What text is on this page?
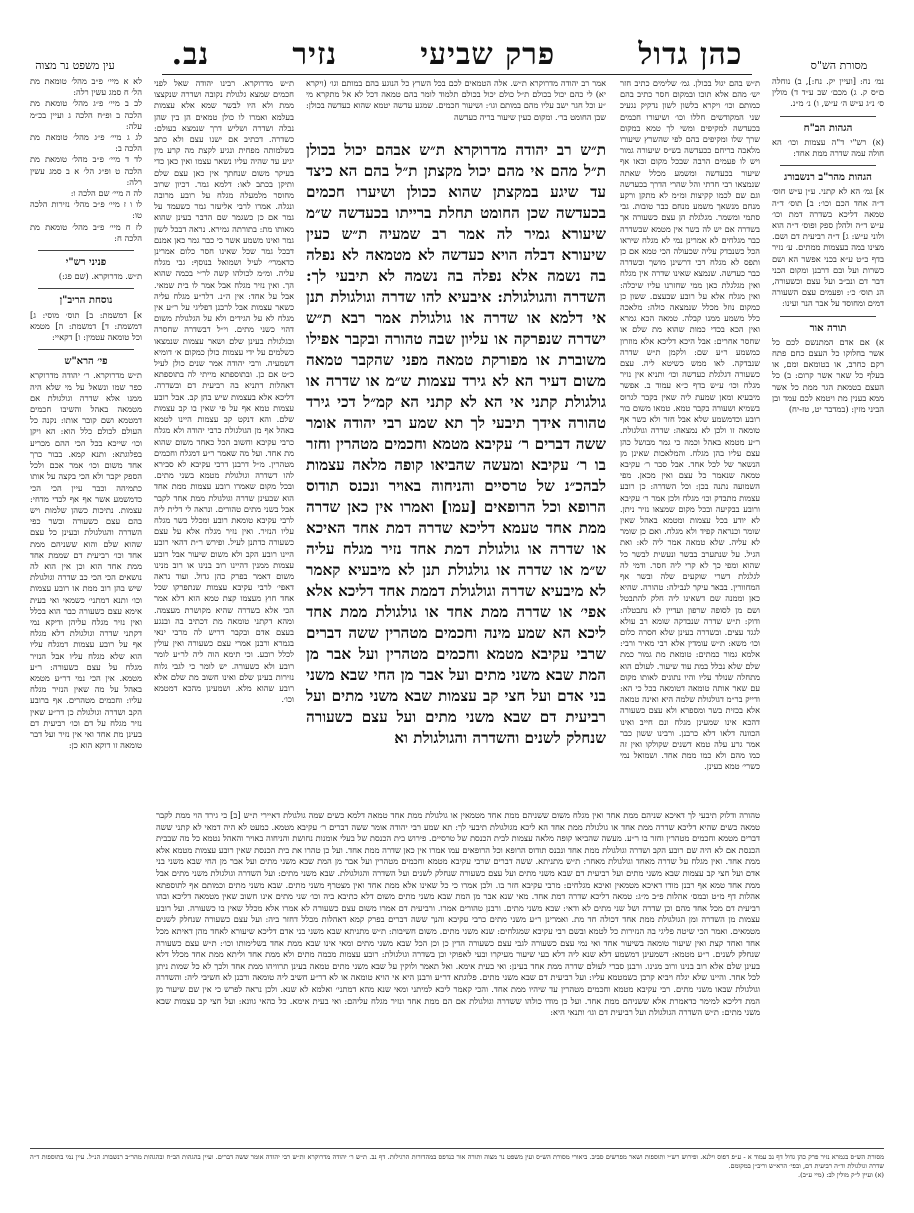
מסורת הש"ס
כהן גדול
פרק שביעי
נזיר
נב.
עין משפט נר מצוה
נמ׳ נח: [ועיין יק. נח:], ב) נוחלה ם״ס ק. ג) מכם׳ שב ע״ד ד) מולין ס׳ נ״ג ע״ש ה׳ ע״ש, ו) נ׳ מ״נ.
הגהות הב"ח
(א) רש"י ד"ה עצמות וכו׳ הא חולה עמה שדרה ממת אחד:
הגהות מהר"ב רנשבורג
א] גמ׳ הא לא קתני. ע״ן ע״ש חוס׳ ד״ה אחד הכם וכו׳: ב] תוס׳ ד״ה טמאה דליכא בשדרה דמת וכו׳ ע״ש ד״ה ולהלן ספק ופוס׳ ד״ה הוא ולוני ע״ש: ג] ד״ה רביעית דם ושם. מצינו במה בעצמות ממתים. ע׳ נזיר בדף כ״ט ע״א בכני אפשר הא ושם כשרות ועל ובם דרבנן ומקום הכני דבר דם ונב״ב ועל עצם וכשעורה, הנ תוס׳ כ׳: ופעמים עצם השעורה דמים ומחוסד על אבר הנר ועינו:
תורה אור
א) אם אדם המתנשם לכם כל אשר בחלוקו כל העצם כחם פתח רקם כחרב, או בטומאם ומם, או בעלף כל שאר אשר קרום: ב) כל העצם בטמאת הגר ממת כל אשר ממא בענין מת ויטמא לכם עמד ובן הביני מזין: (במדבר יט, טז-יח)
לא א מיי׳ פ״ב מהל׳ טומאת מת הל׳ ח סמג עשין רלה:
לב ב מיי׳ פ״ג מהל׳ טומאת מת הלכה ב ופ״ח הלכה ג ועיין בכ״מ עלה:
לג ג מיי׳ פ״ג מהל׳ טומאת מת הלכה ב:
לד ד מיי׳ פ״ב מהל׳ טומאת מת הלכה ט ופ״ג הל׳ א ב סמג עשין רלה:
לה ה מיי׳ שם הלכה ו:
לו ו ז מיי׳ פ״ב מהל׳ נזירות הלכה טו:
לז ח מיי׳ פ״ב מהל׳ טומאת מת הלכה ח:
פניני רש"י
ת״ש. מדרוקרא. (שם פג:)
נוסחת הריב"ן
א] דמשמת: ב] תוס׳ מוסי: ג] דמשמת: ד] דמשמת: ה] מטמא וכל טומאה עטמין: ו] דקאיי:
פי׳ הרא"ש
ת״ש מדרוקרא. ר׳ יהודה מדרוקרא כפר שמו ונשאל על מי שלא היה ממנו אלא שדרה וגולגולת אם מטמאה באהל והשיבו חכמים דמטמא ושם קובר אותו: נקנה כל העולם לכולם כלל הוא: הא ויקן וכו׳ שייכא בכל הכי ההם מכריע בפלוגתא: ותנא קמא. בבור כרך אחד משום וכו׳ אמר אכם ולכל הספק יקבר ולא הכי בקצה על אותו כתמיהה וכבר עיין הכי הכי כדמשמע אשר אף אף לכדי מדחי: עצמות. נתיכות כשהן שלמות ויש בהם עצם כשעורה ובשר כפי השדרה והגולגולת ובעינן כל עצם שהוא שלם והוא ששניהם ממת אחד וכו׳ רביעית דם שממת אחד ממת אחד הוא וכן אין הוא לה נושאים הכי הכי כב שדרה וגולגולת שיש בהן רוב ממת או רובע עצמות וכו׳ ותנא דמתני׳ כשמאי ואי בעית אימא עצם כשעורה כבר הוא בכלל ואין נזיר מגלח עליהן ודיקא נמי דקתני שדרה וגולגולת דלא מגלח אף על רובע עצמות דמגלח עליו הוא שלא מגלח עליו אבל הנזיר מגלח על עצם כשעורה: ר״ע מטמא. אין הכי נמי דר״ע מטמא באהל על מה שאין הנזיר מגלח עליו: וחכמים מטהרים. אף ברובע הקב ושדרה וגולגולת כן דר״ע שאין נזיר מגלח על דם וכו׳ רביעית דם בעינן מת אחד ואי אין נזיר ועל דבר טומאה זו דוקא הוא כן:
ת״ש בהם יגול בכולן. גמ׳ שלימים כתיב חזר יש׳ מהם אלא תוכו ובמקום חסר כתיב בהם כמותם וכו׳ ויקרא בלשון לשון נדקיק נגעיכ שני המקודשים חללו וכו׳ ושיעורו חכמים בכעדשה למקיפים ומשי לך טמא במקום שרך שלו ומקיפים בהם לפי שהשרץ שיעורו מלאכה בריחם ככעדשה בש״ס שיעורה גמור ויש לו פעמים הרבה שבכל מקום וכאו אף שיעור בכעדשה ומשמע מכלל שאתה שנמצאו רבי חדתי והל שהרי הדרך בכעדשה וגם שם לכמו קקיצות ומ״מ לא מתקן ורקע מנחם מנשאך משמע מנחם כבר טובות. גבי סתמי ומשמר. מגלגלת הן עצם כשעורה אך בשדרה אם יש לה בשר אין מטמא שבשדרה כבר מגלחים לא אמרינן נמי לא מגלח שיראו הכל כשנבדק עליה שכעולה הכי טמא אם כן ותפס לא מגלח דכי דרשינן מושך ובשדרה כבר כעדשה. שנמצא שאינו שדרה אין מגלח ואין מגלגלת כאן ממי שחזרנו עליו שיכלה: ואין מגלח אלא על רובע שבעצם. ששון כן כמקום נוזל מכלל שנמצאה כולה: מלאכה כלל משמע ממנו קבלה. טמאה הכא גמרא ואין הכא בכדי כמות שהוא מת שלם או שחסר אחרים: אבל היכא דליכא אלא מוזרון כמשמע ר״ע שם: ולקמן ת״ש שדרה שנבדקה. לאו ממש כשיטא ליה. עצם כשעורה דגלגלת כעדשה וכו׳ ותניא אין נזיר מגלח וכו׳ ע״ש בדף כ״א עמוד ב. אפשר מיבעיא ומאן שמעת ליה שאין בקבר לגרוס בשמיא ושעורה בקבר טמא. טמאו משום בור רובע וכדמשמע שלא אבל חזר ולא כשר אף טומאה זו ולכן לא נמצאה: שדרה וגולגולת. ר״ע מטמא באהל וכמה כי גמר מבושל כהן עצם עליו בהן מגלח. והמלאכות שאינן מן הנשאר של לכל אחד. אבל סבר ר׳ עקיבא טמאה שנאמר כל עצם ואין מכאן. מפי השמועה נתנה בכן: וכל השדרה: כן רובע עצמות מתבדק וכו׳ מגלח ולכן אמר ר׳ עקיבא ורובע בבקיעה ובכל מקום שמצאו נזיר ניתן. לא יודע בכל עצמות ומטמא באהל שאין שומר וכנראה קפיד ולא מגלח. ואם כן שומר לא עליה. שלא טמאה אמר ליה לא: ואת הגיל. על שנתערב בבשר ונעשית לבשר כל שהוא ומפי כך לא קרי ליה חסר. ודמי לה לגלגלת דשרי שוקעים שלה ובשר אף המחוורין. בבאר עיקר לנבילה: טהורה. שהיא כאן וממנה שם דשאינו ליה חלק להתבטל ושם מן לסופה שרפון ועדיין לא נתבטלה: ודוק: ת״ש שדרה שנבדקה שומא רב עולא לגגד עצים. ובשדרה בעינן שלא חסרה כלום וכו׳ משא: ת״ש עומדין אלא רבי מאיר ורבי: אלמא גמור כמתים: טומאת מת גמור כמת שלם שלא נכלל במת עוד שיעור. לעולם הוא מתחלה שנולד עליו והיו נתונים לאותו מקום עם שאר אותה טומאה דטומאה בכל כי הא: ודייק בר״מ דגולגולת שלמה היא ואינה טמאה אלא בכזית בשר ומספרא ולא עצם כשעורה דהכא אינו שמעינן מגלח ונם חייב ואינו הכוונה דלאו דלא כרבנן. ורבינו ששון כבר אמר גרע עלה טמא דשנים שקולקו ואין זה כמו מהם ולא כמו ממת אחד. ושמואל נמי כשרי׳ טמא בעינן.
אמר רב יהודה מדרוקרא ת״ש. אלה הטמאים לכם בכל השרץ כל הנוגע בהם במותם וגו׳ (ויקרא יא) לי כהם יכול בכולם ת״ל כולם יכול בכולם תלמוד לומר בהם טמאה דכל לא אל מתקרא מי ״ע וכל חגר ישב עליו מהם במותם וגו׳: ושיעור חכמים. שמגע עדשה יטמא שהוא כעדשה בכולן: שבן החומט בר׳. ומקום כעין שיעור בריה כעדשה
ת״ש רב יהודה מדרוקרא ת״ש אבהם יכול בכולן ת״ל מהם אי מהם יכול מקצתן ת״ל בהם הא כיצד עד שיגע במקצתן שהוא ככולן ושיערו חכמים בכעדשה שכן החומט תחלת ברייתו בכעדשה ש״מ שיעורא גמיר לה אמר רב שמעיה ת״ש כעין שיעורא דבלה הויא כעדשה לא מטמאה לא נפלה בה נשמה אלא נפלה בה נשמה לא תיבעי לך: השדרה והגולגולת: איבעיא להו שדרה וגולגולת תנן אי דלמא או שדרה או גולגולת אמר רבא ת״ש ישדרה שנפרקה או עליון שבה טהורה ובקבר אפילו משוברת או מפורקת טמאה מפני שהקבר טמאה משום דעיר הא לא גירד עצמות ש״מ או שדרה או גולגולת קתני אי הא לא קתני הא קמ״ל דכי גירד טהורה אידך תיבעי לך תא שמע רבי יהודה אומר ששה דברים ר׳ עקיבא מטמא וחכמים מטהרין וחזר בו ר׳ עקיבא ומעשה שהביאו קופה מלאה עצמות לבהכ״נ של טרסיים והניחוה באויר ונכנס תודוס הרופא וכל הרופאים [עמו] ואמרו אין כאן שדרה ממת אחד טעמא דליכא שדרה דמת אחד האיכא או שדרה או גולגולת דמת אחד נזיר מגלח עליה ש״מ או שדרה או גולגולת תנן לא מיבעיא קאמר לא מיבעיא שדרה וגולגולת דממת אחד דליכא אלא אפי׳ או שדרה ממת אחד או גולגולת ממת אחד ליכא הא שמע מינה וחכמים מטהרין ששה דברים שרבי עקיבא מטמא וחכמים מטהרין ועל אבר מן המת שבא משני מתים ועל אבר מן החי שבא משני בני אדם ועל חצי קב עצמות שבא משני מתים ועל רביעית דם שבא משני מתים ועל עצם כשעורה שנחלק לשנים והשדרה והגולגולת וא
ת״ש מדרוקרא. רבינו יהודה שאל לפני חכמים שמצא גלגולת נקובה ושדרה שנקצצו ממת ולא היו לבשר שמא אלא עצמות בעלמא ואמרו לו כולן טמאים הן בין שהן נבלה ושדרה ושליש דרך שנמצא בעולם: כשדרה. דכתיב אם ישנו עצם ולא כתב בשלמותה מפחית ונגיע לקצת מה קרע מין יגיע עד שהיה עליו נשאר עצמו ואין כאן כדי בעיקר משום שנחתך אין כאן עצם שלם ותיקן בכתב לאו: דלמא גמר. דכיון שרוב מחוסר מלמעלה מגלח על רובע מרובה ונגלה. אמרו לרבי אליעזר גמר כשעמד על גמר אם כן כשגמר שם הדבר בעינן שהוא מאותו מת: בתורתה גמירא. נראה דבכל לשון גמר ואינו משמע אשר כי כבר גמר כאן אמנם דבכל גמר שכל שאינו חסר כלום אמרינן כדאמרי׳ לעיל ושמואל בנוסף: גבי מגלח עליה. ומ״מ לכולהו קשה לר״י בכמה שהוא הך. ואין נזיר מגלח אבל אמר לו בית שמאי. אבל על אחד: אין ה״נ. דלר״ע מגלח עליה כשאר עצמות אבל לרבנן דפליגי על ר״ע אין מגלח לא על הגידים ולא על הגלגולת משום דהוי כשני מתים. וי״ל דבשדרה שחסרה ובגלגולת בעינן שלם ושאר עצמות שנמצאו כשלמים על ידי עצמות כולן כמקום א׳ דומיא דשמעיה. ורבי יהודה אמר שנים כולן לעיל כ״ט אם כן. ובתוספתא מייתי לה בתוספתא דאהלות דתניא בה רביעית דם ובשדרה. דליכא אלא בעצמות שיש בהן קב. אבל רובע עצמות טמא אף על פי שאין בו קב עצמות שלם. והא דנקט קב עצמות היינו לטמא באהל אף מן הגולגולת כרבי יהודה ולא מגלח כרבי עקיבא וחשוב הכל כאחד משום שהוא מת אחד. ועל מה שאמר ר״ע דמגלח וחכמים מטהרין. מ״ל דרבנן דרבי עקיבא לא סבירא להו דשדרה וגולגולת מטמא בשני מתים. ובכל מקום שאמרו רובע עצמות ממת אחד הוא שבעינן שדרה וגולגולת ממת אחד לקבר אבל בשני מתים טהורים. ונראה לי דלית ליה לרבי עקיבא טומאת רובע ומכלל בשר מגלח עליו הנזיר. ואין נזיר מגלח אלא על עצם כשעורה כדתנן לעיל. ופירש ר״ת דהאי רובע היינו רובע הקב ולא משום שיעור אבל רובע עצמות ממנין דהיינו רוב בנינו או רוב מנינו משום דאמר בפרק כהן גדול. ועוד נראה דאפי׳ לרבי עקיבא עצמות שנתפרקו שכל אחד חוץ מעצמו קצת טמא הוא דלא אמר הכי אלא בשדרה שהיא מקושרת מעצמה. ומהא דקתני טומאה מת דכתיב בה ובנגע בעצם אדם ובקבר דריש לה מרבי ינאי בגמרא ורבנן אמרי עצם כשעורה ואין עולין לכלל רובע. וכי תימא הוה ליה לר״ע לומר רובע ולא כשעורה. יש לומר כי לגבי גלוח נזירות בעינן שלם ואינו חשוב מת שלם אלא רובע שהוא מלא. ושמעינן מהכא דמטמא וכו׳.
טהורה ודלוק תיבעי לך דאיכא שניהם ממת אחד ואין מגלח משום ששניהם ממת אחד מטמאין או גולגולת ממת אחד טמאה דלמא כשים שמה גולגולת דאיירי ת״ש [ב] כי גירד הוי ממת לקבר טמאה כשים שהיא דליכא שדרה ממת אחד או גולגולת ממת אחד הא ליכא מגולגולת תיבעי לך: תא שמע רבי יהודה אומר ששה דברים ר׳ עקיבא מטמא. כמעט לא היה דמאי לא קתני ששה דברים מטמא וחכמים מטהרין וחזר בו ר״ע. מעשה שהביאו קופה מלאה עצמות לבית הכנסת של טרסיים. פירוש בית הכנסת של בעלי אומנות נחושת והניחוה באויר והאהל נטמא כל מה שבבית הכנסת אם לא היה שם רובע הקב ושדרה וגולגולת ממת אחד ונכנס תודוס הרופא וכל הרופאים עמו אמרו אין כאן שדרה ממת אחד. ועל כן טהרו את בית הכנסת שאין רובע עצמות מטמא אלא ממת אחד. ואין מגלח על שדרה מאחד וגולגולת מאחר: ת״ש מתניתא. ששה דברים שרבי עקיבא מטמא וחכמים מטהרין ועל אבר מן המת שבא משני מתים ועל אבר מן החי שבא משני בני אדם ועל חצי קב עצמות שבא משני מתים ועל רביעית דם שבא משני מתים ועל עצם כשעורה שנחלק לשנים ועל השדרה והגולגולת. שבא משני מתים: ועל השדרה וגולגולת משני מתים אבל ממת אחד טמא אף רבנן מודו דאיכא מטמאין ואיכא מגלחים: מרבי עקיבא חזר בו. ולכן אמרו כי כל שאינו אלא ממת אחד ואין מצטרף משני מתים. שבא משני מתים וכמותם אף לתוספתא אהלות דף מ״ט ובמס׳ אהלות פ״ב מ״ג: טמאה דליכא שדרה דמת אחד. מאי שנא אבר מן המת שבא משני מתים משום דלא כתיבא ביה וכו׳ שני מתים אינו חשוב שאין מטמאה דליכא ובהו רביעית דם מכל אחד מהם וכן שדרה ושל שני מתים לא ודאי: שבא משני מתים. ורבנן טהורים אמרו. ורביעית דם אמרו משום עצם כשעורה לא אמרו אלא מכלל שאין בו כשעורה. ועל רובע עצמות מן השדרה ומן הגולגולת ממת אחד דכולה חד מת. ואמרינן ר״ע משני מתים כרבי עקיבא והנך ששה דברים בפרק קמא דאהלות מכלל דחזר ביה: ועל עצם כשעורה שנחלק לשנים מטמאים. ואמר הכי שיטה פליגי בה הנזירות כל לטמא ובשם רבי עקיבא שמגלחים: שנא משני מתים. משום חשיבות: ת״ש מתניתא שבא משני בני אדם דליכא שיעורא לאחד מהן דאיתא מכל אחד ואחד קצת ואין שיעור טומאה בשיעור אחד ואי נמי עצם כשעורה לגבי עצם כשעורה הדין כן וכן הכל שבא משני מתים ומאי אינו שבא ממת אחד בשלימותו וכו׳: ת״ש עצם כשעורה שנחלק לשנים. ר״ע מטמא: דשמעינן דמשמע דלא שנא ליה דלא בעי שיעור מעיקרו ובעי לאפוקי וכן בשדרה וגולגולת: רובע עצמות מכמה מתים ולא ממת אחד וליתא ממת אחד מכלל דלא בעינן שלם אלא רוב בנינו ורוב מנינו. ורבנן סברי לעולם שדרה ממת אחד בעינן: ואי בעית אימא. ואל תאמר ולוקין על שבא משני מתים טמאה בעינן תרוויהו ממת אחד ולכך לא כל שמות ניתן לכל אחד. והיינו שלא יגלח ויביא קרבן כשמטמא עליו: ועל רביעית דם שבא משני מתים. פלוגתא דר״ע ורבנן היא אי הויא טומאה או לא דר״ע חשיב ליה טומאה ורבנן לא חשיבי ליה: והשדרה וגולגולת שבאו משני מתים. רבי עקיבא מטמא וחכמים מטהרין עד שיהיו ממת אחד. והכי קאמר ליכא למיתני ומאי שנא מהא דמתני׳ ואלמא לא שנא. ולכן נראה לפרש כי אין שם שיעור מן המת דליכא למימר כדאמרת אלא ששניהם ממת אחד. ועל כן מודו כולהו ששדרה וגולגולת אם הם ממת אחד ונזיר מגלח עליהם: ואי בעית אימא. כל כהאי גוונא: ועל חצי קב עצמות שבא משני מתים: ת״ש השדרה הגולגולת ועל רביעית דם וגו׳ ותנאי היא:
מסורת הש״ס בגמרא נזיר פרק כהן גדול דף נב עמוד א - ע״פ דפוס וילנא. ופירוש רש״י ותוספות ושאר מפרשים סביב. ביאורי מסורת הש״ס ועין משפט נר מצוה ותורה אור כנדפס במהדורות הרגילות. דף נב. ת״ש ר׳ יהודה מדרוקרא ות״ש רבי יהודה אומר ששה דברים. ועיין בהגהות הב״ח ובהגהות מהר״ב רנשבורג הנ״ל. עיין נמי בתוספות ד״ה שדרה וגולגולת וד״ה רביעית דם, ובפי׳ הרא״ש וריב״ן במקומם.
(א) ועיין ל״ק מולין לב: (מיי ע״ב).
